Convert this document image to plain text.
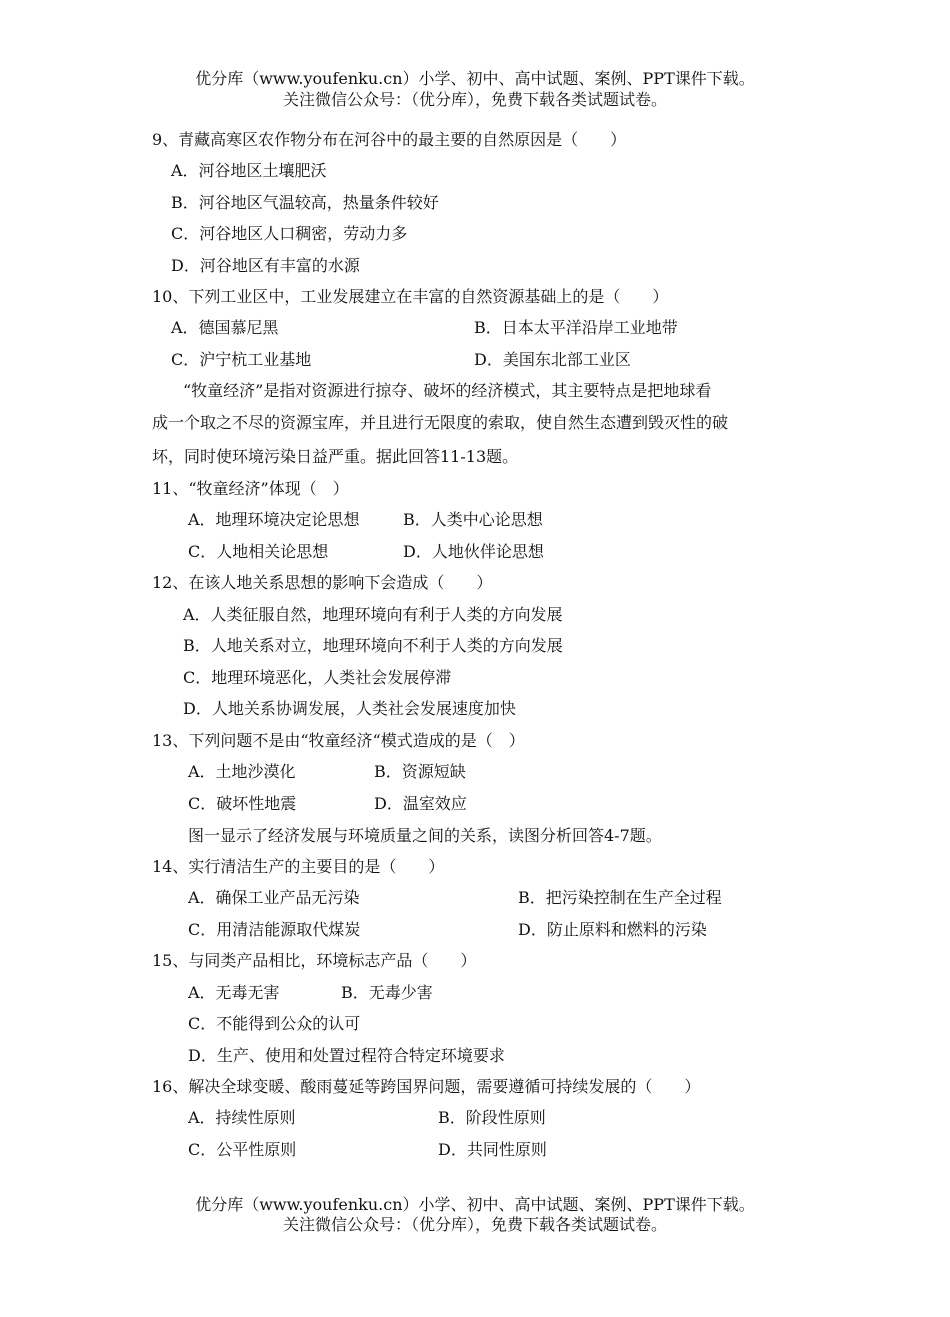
优分库（www.youfenku.cn）小学、初中、高中试题、案例、PPT课件下载。
关注微信公众号：（优分库），免费下载各类试题试卷。
9、青藏高寒区农作物分布在河谷中的最主要的自然原因是（　　）
A．河谷地区土壤肥沃
B．河谷地区气温较高，热量条件较好
C．河谷地区人口稠密，劳动力多
D．河谷地区有丰富的水源
10、下列工业区中，工业发展建立在丰富的自然资源基础上的是（　　）
A．德国慕尼黑	B．日本太平洋沿岸工业地带
C．沪宁杭工业基地	D．美国东北部工业区
“牧童经济”是指对资源进行掠夺、破坏的经济模式，其主要特点是把地球看
成一个取之不尽的资源宝库，并且进行无限度的索取，使自然生态遭到毁灭性的破
坏，同时使环境污染日益严重。据此回答11-13题。
11、“牧童经济”体现（　）
A．地理环境决定论思想	B．人类中心论思想
C．人地相关论思想	D．人地伙伴论思想
12、在该人地关系思想的影响下会造成（　　）
A．人类征服自然，地理环境向有利于人类的方向发展
B．人地关系对立，地理环境向不利于人类的方向发展
C．地理环境恶化，人类社会发展停滞
D．人地关系协调发展，人类社会发展速度加快
13、下列问题不是由“牧童经济“模式造成的是（　）
A．土地沙漠化	B．资源短缺
C．破坏性地震	D．温室效应
图一显示了经济发展与环境质量之间的关系，读图分析回答4-7题。
14、实行清洁生产的主要目的是（　　）
A．确保工业产品无污染	B．把污染控制在生产全过程
C．用清洁能源取代煤炭	D．防止原料和燃料的污染
15、与同类产品相比，环境标志产品（　　）
A．无毒无害	B．无毒少害
C．不能得到公众的认可
D．生产、使用和处置过程符合特定环境要求
16、解决全球变暖、酸雨蔓延等跨国界问题，需要遵循可持续发展的（　　）
A．持续性原则	B．阶段性原则
C．公平性原则	D．共同性原则
优分库（www.youfenku.cn）小学、初中、高中试题、案例、PPT课件下载。
关注微信公众号：（优分库），免费下载各类试题试卷。
